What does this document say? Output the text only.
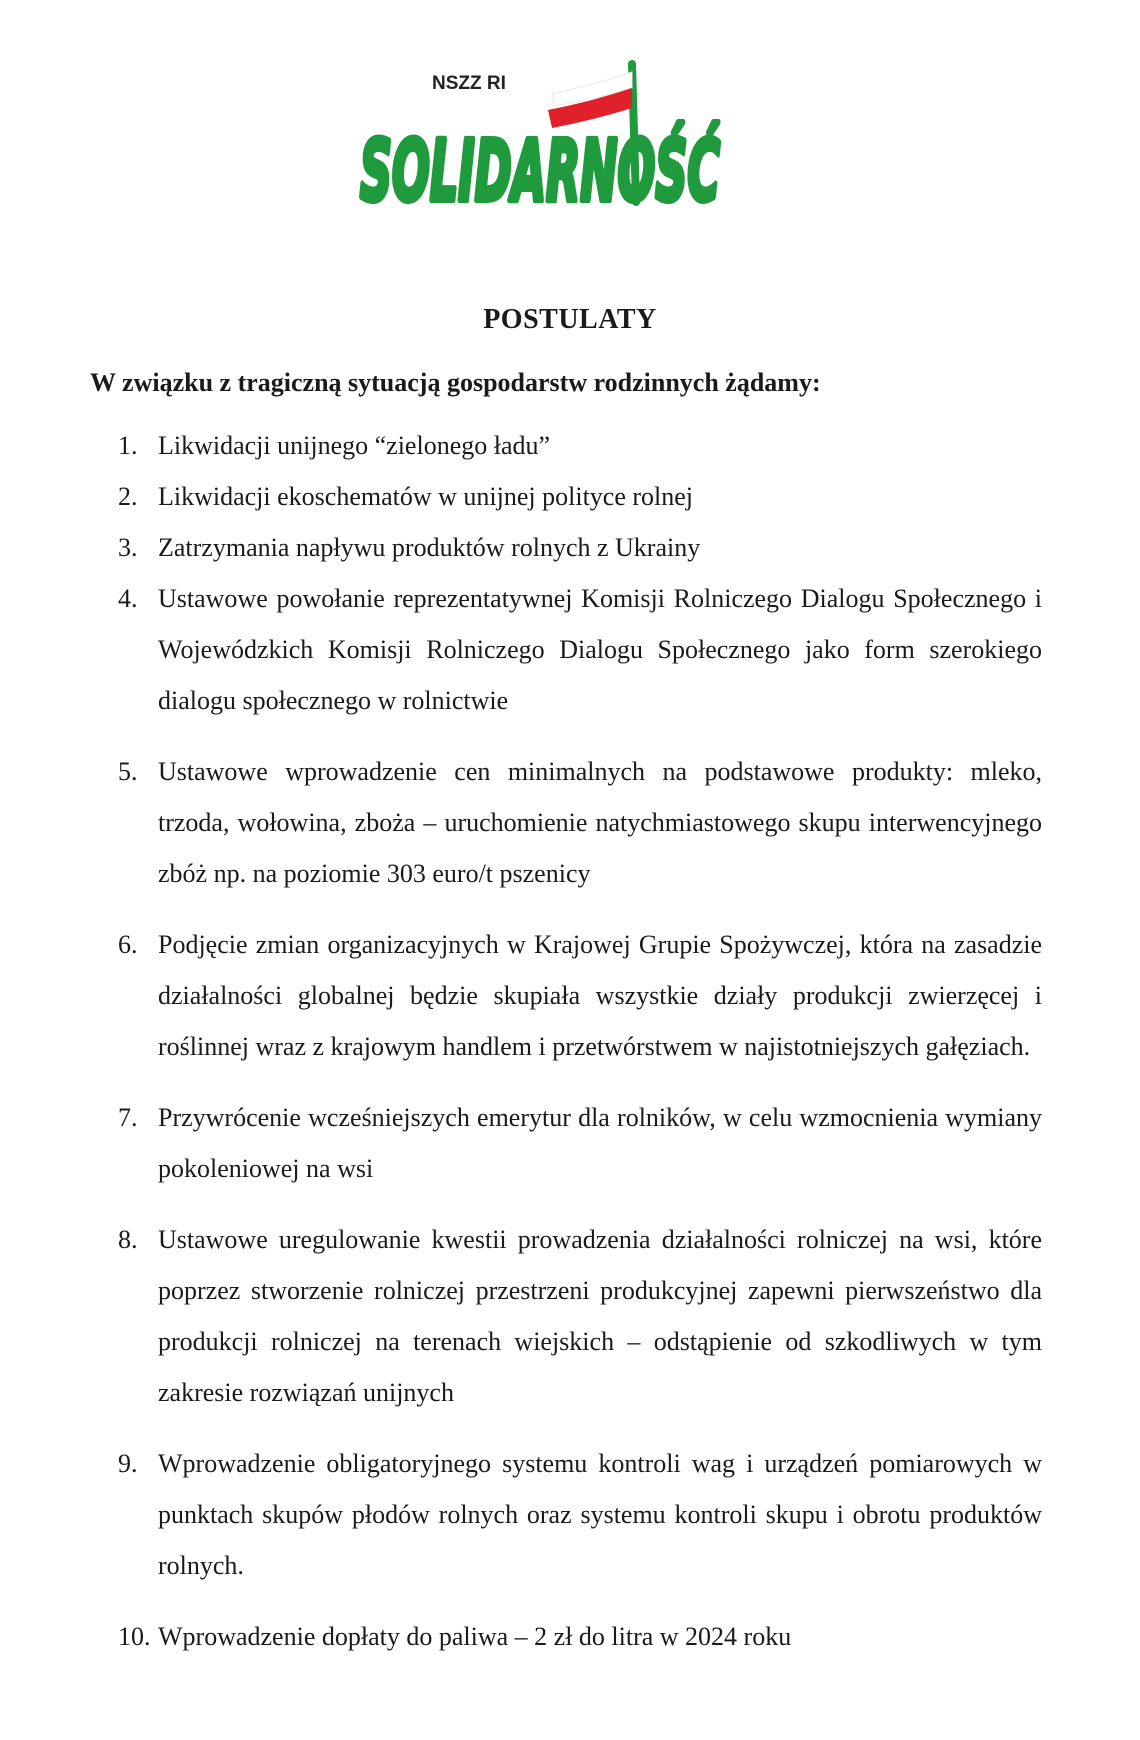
NSZZ RI
SOLIDARNOŚĆ
POSTULATY
W związku z tragiczną sytuacją gospodarstw rodzinnych żądamy:
1. Likwidacji unijnego “zielonego ładu”
2. Likwidacji ekoschematów w unijnej polityce rolnej
3. Zatrzymania napływu produktów rolnych z Ukrainy
4. Ustawowe powołanie reprezentatywnej Komisji Rolniczego Dialogu Społecznego i Wojewódzkich Komisji Rolniczego Dialogu Społecznego jako form szerokiego dialogu społecznego w rolnictwie
5. Ustawowe wprowadzenie cen minimalnych na podstawowe produkty: mleko, trzoda, wołowina, zboża – uruchomienie natychmiastowego skupu interwencyjnego zbóż np. na poziomie 303 euro/t pszenicy
6. Podjęcie zmian organizacyjnych w Krajowej Grupie Spożywczej, która na zasadzie działalności globalnej będzie skupiała wszystkie działy produkcji zwierzęcej i roślinnej wraz z krajowym handlem i przetwórstwem w najistotniejszych gałęziach.
7. Przywrócenie wcześniejszych emerytur dla rolników, w celu wzmocnienia wymiany pokoleniowej na wsi
8. Ustawowe uregulowanie kwestii prowadzenia działalności rolniczej na wsi, które poprzez stworzenie rolniczej przestrzeni produkcyjnej zapewni pierwszeństwo dla produkcji rolniczej na terenach wiejskich – odstąpienie od szkodliwych w tym zakresie rozwiązań unijnych
9. Wprowadzenie obligatoryjnego systemu kontroli wag i urządzeń pomiarowych w punktach skupów płodów rolnych oraz systemu kontroli skupu i obrotu produktów rolnych.
10. Wprowadzenie dopłaty do paliwa – 2 zł do litra w 2024 roku
